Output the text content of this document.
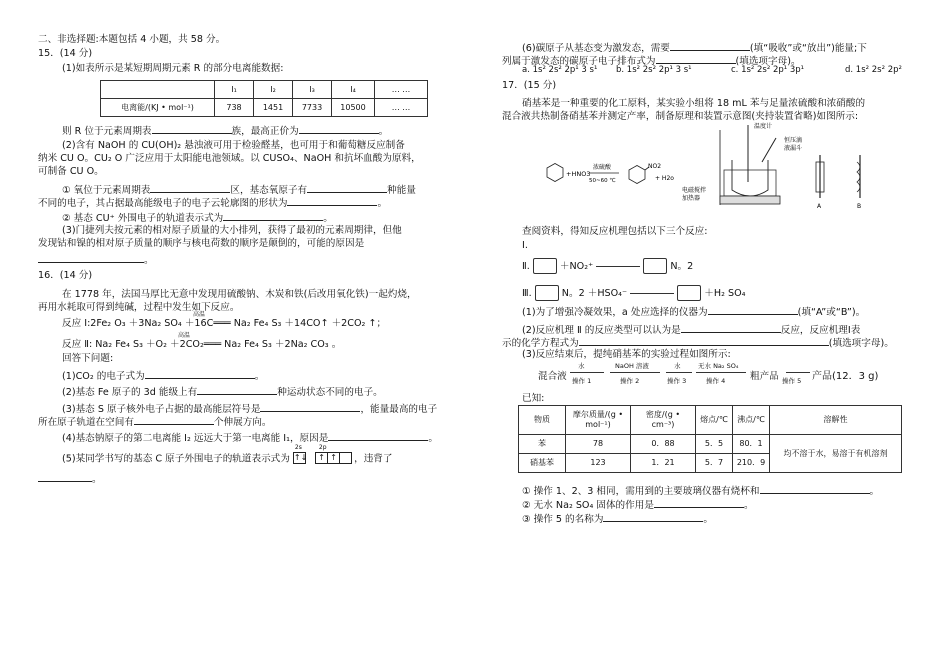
二、非选择题:本题包括 4 小题，共 58 分。
15．(14 分)
(1)如表所示是某短期周期元素 R 的部分电离能数据:
	I₁	I₂	I₃	I₄	… …
电离能/(KJ • mol⁻¹)	738	1451	7733	10500	… …
则 R 位于元素周期表	族，最高正价为	。
(2)含有 NaOH 的 CU(OH)₂ 悬浊液可用于检验醛基，也可用于和葡萄糖反应制备
纳米 CU O。CU₂ O 广泛应用于太阳能电池领域。以 CUSO₄、NaOH 和抗坏血酸为原料，
可制备 CU O。
① 氧位于元素周期表	区，基态氧原子有	种能量
不同的电子，其占据最高能级电子的电子云轮廓图的形状为	。
② 基态 CU⁺ 外围电子的轨道表示式为	。
(3)门捷列夫按元素的相对原子质量的大小排列，获得了最初的元素周期律，但他
发现钴和镍的相对原子质量的顺序与核电荷数的顺序是颠倒的，可能的原因是
。
16．(14 分)
在 1778 年，法国马厚比无意中发现用硫酸钠、木炭和铁(后改用氧化铁)一起灼烧，
再用水耗取可得到纯碱，过程中发生如下反应。
高温
反应 Ⅰ:2Fe₂ O₃ ＋3Na₂ SO₄ ＋16C═══ Na₂ Fe₄ S₃ ＋14CO↑ ＋2CO₂ ↑；
高温
反应 Ⅱ: Na₂ Fe₄ S₃ ＋O₂ ＋2CO₂═══ Na₂ Fe₄ S₃ ＋2Na₂ CO₃ 。
回答下问题:
(1)CO₂ 的电子式为	。
(2)基态 Fe 原子的 3d 能级上有	种运动状态不同的电子。
(3)基态 S 原子核外电子占据的最高能层符号是	，能量最高的电子
所在原子轨道在空间有	个伸展方向。
(4)基态钠原子的第二电离能 I₂ 远远大于第一电离能 I₁，原因是	。
(5)某同学书写的基态 C 原子外围电子的轨道表示式为
2s	2p
↑↓ ↑ ↑ ，违背了
。
(6)碳原子从基态变为激发态，需要	(填“吸收”或“放出”)能量;下
列属于激发态的碳原子电子排布式为	(填选项字母)。
a. 1s² 2s² 2p¹ 3 s¹ b. 1s² 2s² 2p¹ 3 s¹	c. 1s² 2s² 2p¹ 3p¹	d. 1s² 2s² 2p²
17．(15 分)
硝基苯是一种重要的化工原料，某实验小组将 18 mL 苯与足量浓硫酸和浓硝酸的
混合液共热制备硝基苯并测定产率，制备原理和装置示意图(夹持装置省略)如图所示:
+HNO3
浓硫酸
50~60 ℃
NO2
+ H2o
温度计
恒压滴
液漏斗
电磁搅拌
加热器
A	B
查阅资料，得知反应机理包括以下三个反应:
Ⅰ.
Ⅱ.	＋NO₂⁺	N。2
Ⅲ.	N。2 ＋HSO₄⁻	＋H₂ SO₄
(1)为了增强冷凝效果，a 处应选择的仪器为	(填“A”或“B”)。
(2)反应机理 Ⅱ 的反应类型可以认为是	反应，反应机理Ⅰ表
示的化学方程式为	(填选项字母)。
(3)反应结束后，提纯硝基苯的实验过程如图所示:
混合液
水
操作 1
NaOH 溶液
操作 2
水
操作 3
无水 Na₂ SO₄
操作 4	粗产品 操作 5 产品(12．3 g)
已知:
物质	摩尔质量/(g • mol⁻¹)	密度/(g • cm⁻³)	熔点/℃	沸点/℃	溶解性
苯	78	0．88	5．5	80．1	均不溶于水，易溶于有机溶剂
硝基苯	123	1．21	5．7	210．9	
① 操作 1、2、3 相同，需用到的主要玻璃仪器有烧杯和	。
② 无水 Na₂ SO₄ 固体的作用是	。
③ 操作 5 的名称为	。
